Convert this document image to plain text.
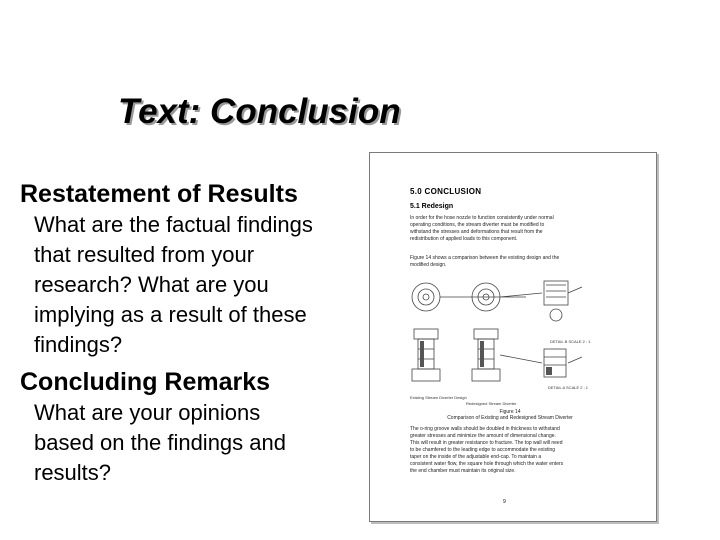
Text: Conclusion
Restatement of Results
What are the factual findings
that resulted from your
research? What are you
implying as a result of these
findings?
Concluding Remarks
What are your opinions
based on the findings and
results?
5.0 CONCLUSION
5.1 Redesign
In order for the hose nozzle to function consistently under normal
operating conditions, the stream diverter must be modified to
withstand the stresses and deformations that result from the
redistribution of applied loads to this component.
Figure 14 shows a comparison between the existing design and the
modified design.
Existing Stream Diverter Design
Redesigned Stream Diverter
DETAIL B SCALE 2 : 1
DETAIL A SCALE 2 : 1
Figure 14
Comparison of Existing and Redesigned Stream Diverter
The o-ring groove walls should be doubled in thickness to withstand
greater stresses and minimize the amount of dimensional change.
This will result in greater resistance to fracture. The top wall will need
to be chamfered to the leading edge to accommodate the existing
taper on the inside of the adjustable end-cap. To maintain a
consistent water flow, the square hole through which the water enters
the end chamber must maintain its original size.
9
